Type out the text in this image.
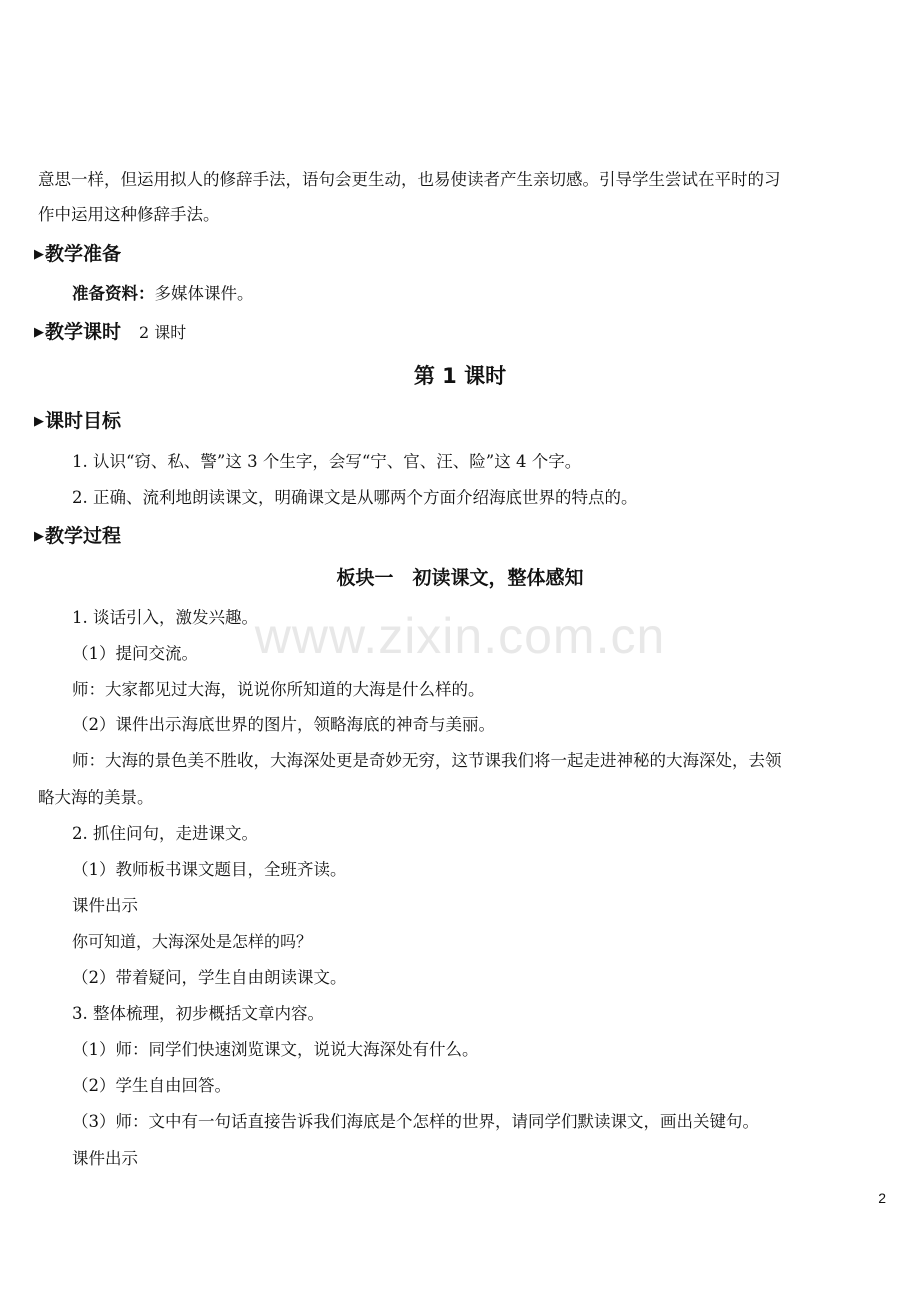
意思一样，但运用拟人的修辞手法，语句会更生动，也易使读者产生亲切感。引导学生尝试在平时的习
作中运用这种修辞手法。
▶教学准备
准备资料：多媒体课件。
▶教学课时 2 课时
第 1 课时
▶课时目标
1. 认识“窃、私、警”这 3 个生字，会写“宁、官、汪、险”这 4 个字。
2. 正确、流利地朗读课文，明确课文是从哪两个方面介绍海底世界的特点的。
▶教学过程
板块一　初读课文，整体感知
1. 谈话引入，激发兴趣。
（1）提问交流。
师：大家都见过大海，说说你所知道的大海是什么样的。
（2）课件出示海底世界的图片，领略海底的神奇与美丽。
师：大海的景色美不胜收，大海深处更是奇妙无穷，这节课我们将一起走进神秘的大海深处，去领
略大海的美景。
2. 抓住问句，走进课文。
（1）教师板书课文题目，全班齐读。
课件出示
你可知道，大海深处是怎样的吗？
（2）带着疑问，学生自由朗读课文。
3. 整体梳理，初步概括文章内容。
（1）师：同学们快速浏览课文，说说大海深处有什么。
（2）学生自由回答。
（3）师：文中有一句话直接告诉我们海底是个怎样的世界，请同学们默读课文，画出关键句。
课件出示
www.zixin.com.cn
2
